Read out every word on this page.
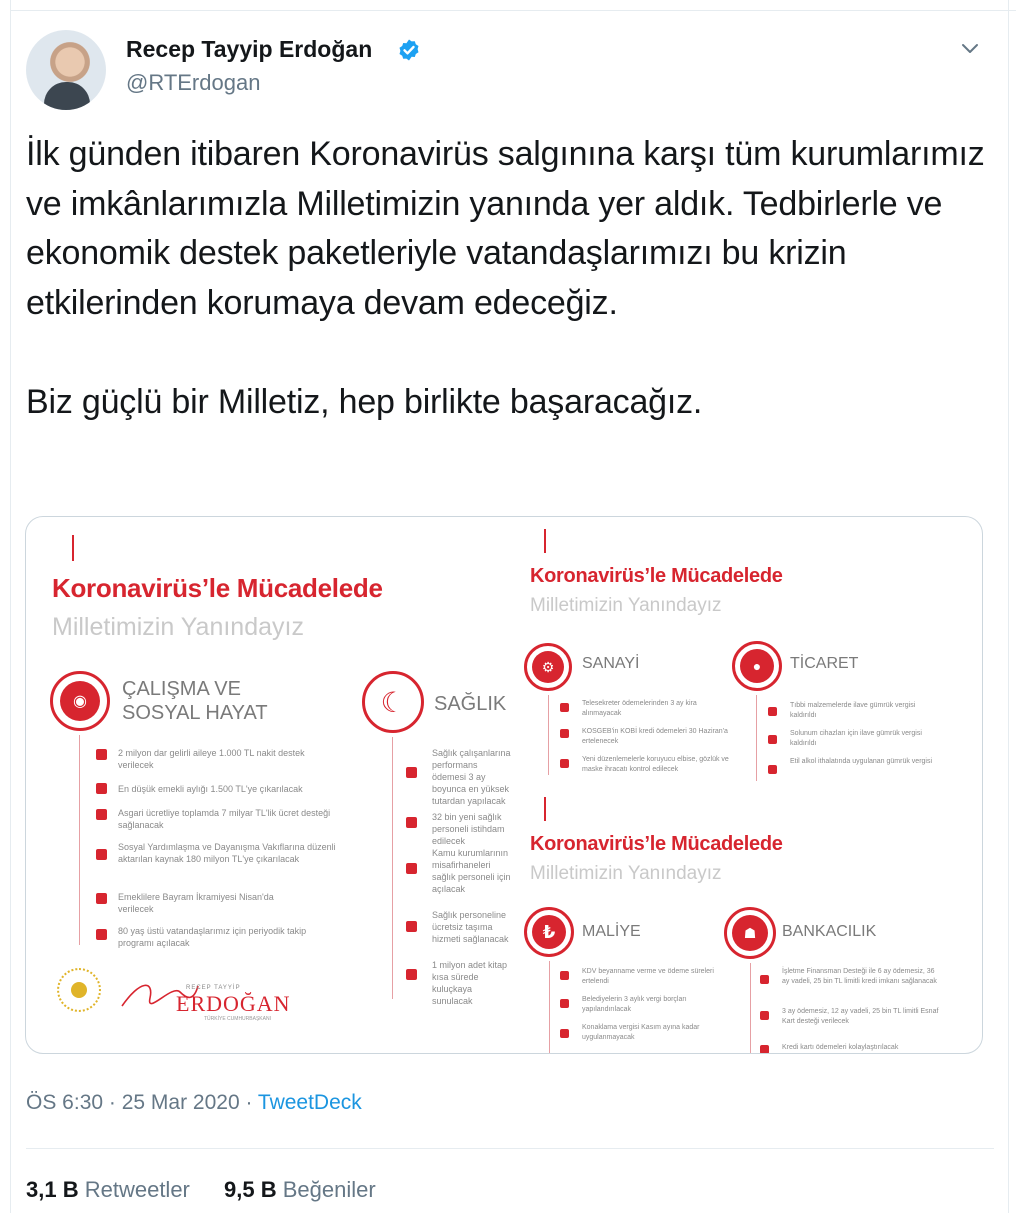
Recep Tayyip Erdoğan
@RTErdogan

İlk günden itibaren Koronavirüs salgınına karşı tüm kurumlarımız ve imkânlarımızla Milletimizin yanında yer aldık. Tedbirlerle ve ekonomik destek paketleriyle vatandaşlarımızı bu krizin etkilerinden korumaya devam edeceğiz.

Biz güçlü bir Milletiz, hep birlikte başaracağız.

Koronavirüs’le Mücadelede
Milletimizin Yanındayız
◉
ÇALIŞMA VE SOSYAL HAYAT
2 milyon dar gelirli aileye 1.000 TL nakit destek verilecek
En düşük emekli aylığı 1.500 TL'ye çıkarılacak
Asgari ücretliye toplamda 7 milyar TL'lik ücret desteği sağlanacak
Sosyal Yardımlaşma ve Dayanışma Vakıflarına düzenli aktarılan kaynak 180 milyon TL'ye çıkarılacak
Emeklilere Bayram İkramiyesi Nisan'da verilecek
80 yaş üstü vatandaşlarımız için periyodik takip programı açılacak
☾	SAĞLIK
Sağlık çalışanlarına performans ödemesi 3 ay boyunca en yüksek tutardan yapılacak
32 bin yeni sağlık personeli istihdam edilecek
Kamu kurumlarının misafirhaneleri sağlık personeli için açılacak
Sağlık personeline ücretsiz taşıma hizmeti sağlanacak
1 milyon adet kitap kısa sürede kuluçkaya sunulacak
Koronavirüs’le Mücadelede
Milletimizin Yanındayız
⚙	SANAYİ
Telesekreter ödemelerinden 3 ay kira alınmayacak
KOSGEB'in KOBİ kredi ödemeleri 30 Haziran'a ertelenecek
Yeni düzenlemelerle koruyucu elbise, gözlük ve maske ihracatı kontrol edilecek
●	TİCARET
Tıbbi malzemelerde ilave gümrük vergisi kaldırıldı
Solunum cihazları için ilave gümrük vergisi kaldırıldı
Etil alkol ithalatında uygulanan gümrük vergisi
Koronavirüs’le Mücadelede
Milletimizin Yanındayız
₺	MALİYE
KDV beyanname verme ve ödeme süreleri ertelendi
Belediyelerin 3 aylık vergi borçları yapılandırılacak
Konaklama vergisi Kasım ayına kadar uygulanmayacak
☗	BANKACILIK
İşletme Finansman Desteği ile 6 ay ödemesiz, 36 ay vadeli, 25 bin TL limitli kredi imkanı sağlanacak
3 ay ödemesiz, 12 ay vadeli, 25 bin TL limitli Esnaf Kart desteği verilecek
Kredi kartı ödemeleri kolaylaştırılacak
RECEP TAYYİP
ERDOĞAN
TÜRKİYE CUMHURBAŞKANI
ÖS 6:30 · 25 Mar 2020 · TweetDeck
3,1 B Retweetler 9,5 B Beğeniler
